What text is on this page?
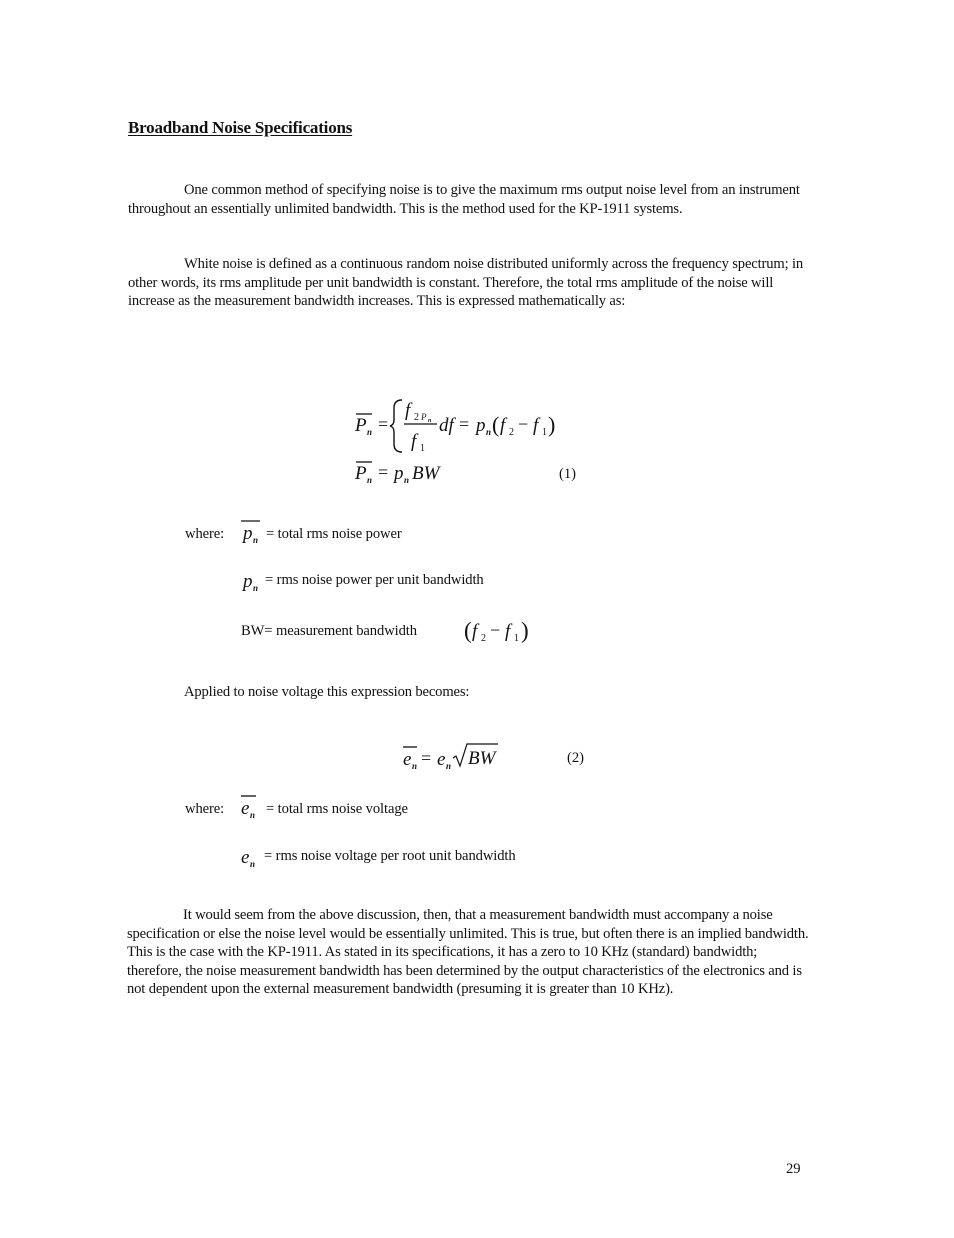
Broadband Noise Specifications

One common method of specifying noise is to give the maximum rms output noise level from an instrument throughout an essentially unlimited bandwidth. This is the method used for the KP-1911 systems.

White noise is defined as a continuous random noise distributed uniformly across the frequency spectrum; in other words, its rms amplitude per unit bandwidth is constant. Therefore, the total rms amplitude of the noise will increase as the measurement bandwidth increases. This is expressed mathematically as:

P n =
f 2 P n
f 1
df = p n ( f 2 − f 1 )
P n = p n BW	(1)
where: p n = total rms noise power
p n = rms noise power per unit bandwidth
BW= measurement bandwidth ( f 2 − f 1 )

Applied to noise voltage this expression becomes:

e n = e n BW	(2)
where: e n = total rms noise voltage
e n = rms noise voltage per root unit bandwidth

It would seem from the above discussion, then, that a measurement bandwidth must accompany a noise specification or else the noise level would be essentially unlimited. This is true, but often there is an implied bandwidth. This is the case with the KP-1911. As stated in its specifications, it has a zero to 10 KHz (standard) bandwidth; therefore, the noise measurement bandwidth has been determined by the output characteristics of the electronics and is not dependent upon the external measurement bandwidth (presuming it is greater than 10 KHz).

29
